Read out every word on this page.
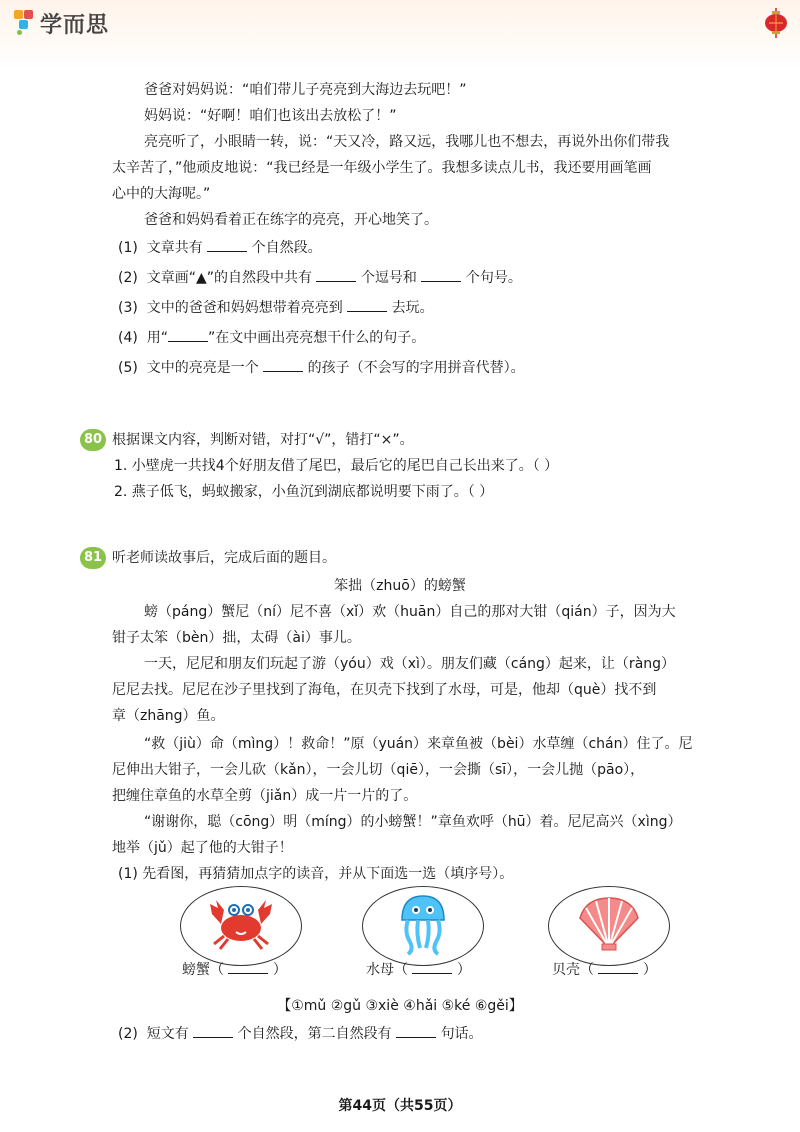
学而思
爸爸对妈妈说：“咱们带儿子亮亮到大海边去玩吧！”
妈妈说：“好啊！咱们也该出去放松了！”
亮亮听了，小眼睛一转，说：“天又冷，路又远，我哪儿也不想去，再说外出你们带我
太辛苦了，”他顽皮地说：“我已经是一年级小学生了。我想多读点儿书，我还要用画笔画
心中的大海呢。”
爸爸和妈妈看着正在练字的亮亮，开心地笑了。
(1) 文章共有	个自然段。
(2) 文章画“▲”的自然段中共有	个逗号和	个句号。
(3) 文中的爸爸和妈妈想带着亮亮到	去玩。
(4) 用“	”在文中画出亮亮想干什么的句子。
(5) 文中的亮亮是一个	的孩子（不会写的字用拼音代替）。
80 根据课文内容，判断对错，对打“√”，错打“×”。
1. 小壁虎一共找4个好朋友借了尾巴，最后它的尾巴自己长出来了。（ ）
2. 燕子低飞，蚂蚁搬家，小鱼沉到湖底都说明要下雨了。（ ）
81 听老师读故事后，完成后面的题目。
笨拙（zhuō）的螃蟹
螃（páng）蟹尼（ní）尼不喜（xǐ）欢（huān）自己的那对大钳（qián）子，因为大
钳子太笨（bèn）拙，太碍（ài）事儿。
一天，尼尼和朋友们玩起了游（yóu）戏（xì）。朋友们藏（cáng）起来，让（ràng）
尼尼去找。尼尼在沙子里找到了海龟，在贝壳下找到了水母，可是，他却（què）找不到
章（zhāng）鱼。
“救（jiù）命（mìng）！救命！”原（yuán）来章鱼被（bèi）水草缠（chán）住了。尼
尼伸出大钳子，一会儿砍（kǎn），一会儿切（qiē），一会撕（sī），一会儿抛（pāo），
把缠住章鱼的水草全剪（jiǎn）成一片一片的了。
“谢谢你，聪（cōng）明（míng）的小螃蟹！”章鱼欢呼（hū）着。尼尼高兴（xìng）
地举（jǔ）起了他的大钳子！
(1) 先看图，再猜猜加点字的读音，并从下面选一选（填序号）。
螃蟹（	）	水母（	）	贝壳（	）
【①mǔ ②gǔ ③xiè ④hǎi ⑤ké ⑥gěi】
(2) 短文有	个自然段，第二自然段有	句话。
第44页（共55页）
